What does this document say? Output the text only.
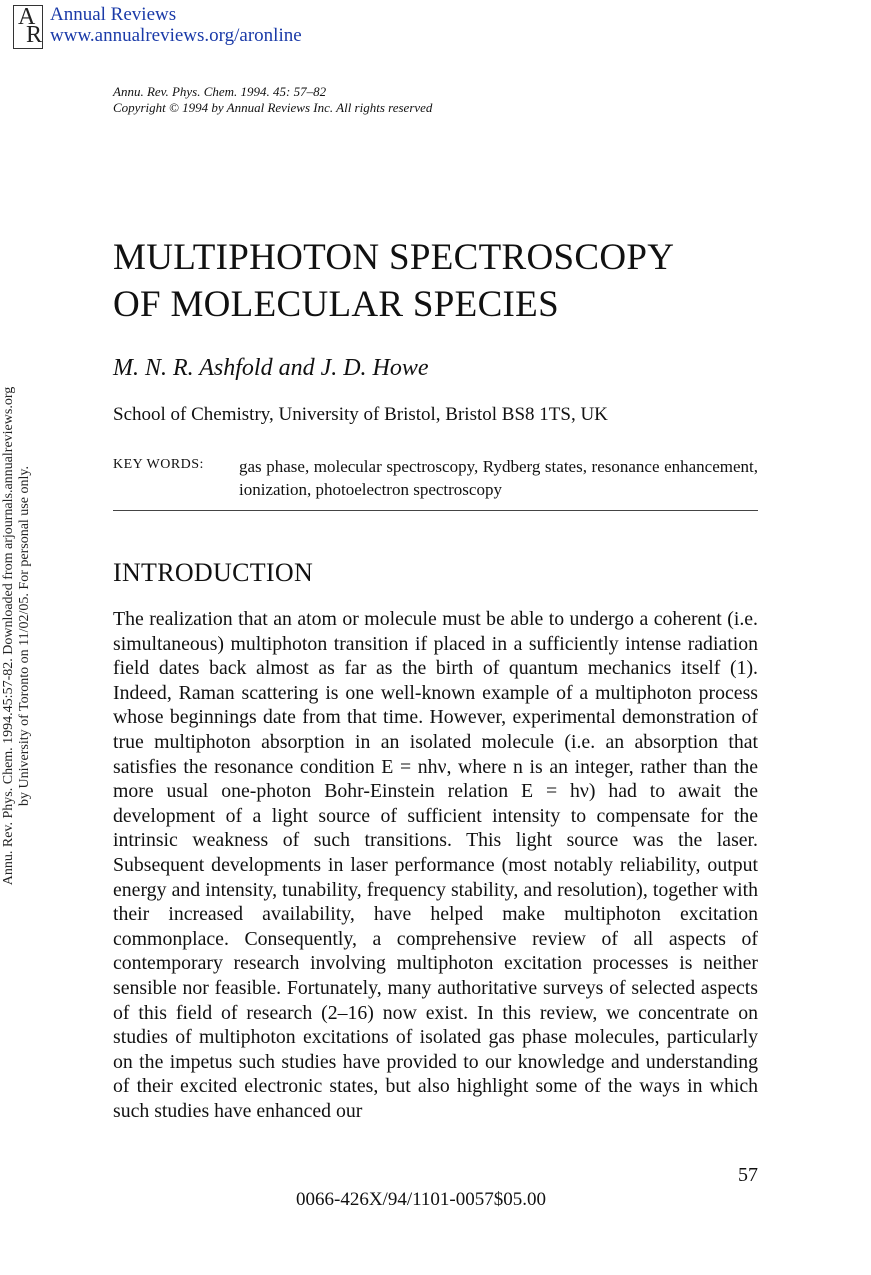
A
R
Annual Reviews
www.annualreviews.org/aronline
Annu. Rev. Phys. Chem. 1994.45:57-82. Downloaded from arjournals.annualreviews.org by University of Toronto on 11/02/05. For personal use only.
Annu. Rev. Phys. Chem. 1994. 45: 57–82
Copyright © 1994 by Annual Reviews Inc. All rights reserved
MULTIPHOTON SPECTROSCOPY
OF MOLECULAR SPECIES
M. N. R. Ashfold and J. D. Howe
School of Chemistry, University of Bristol, Bristol BS8 1TS, UK
KEY WORDS: gas phase, molecular spectroscopy, Rydberg states, resonance enhancement, ionization, photoelectron spectroscopy
INTRODUCTION

The realization that an atom or molecule must be able to undergo a coherent (i.e. simultaneous) multiphoton transition if placed in a sufficiently intense radiation field dates back almost as far as the birth of quantum mechanics itself (1). Indeed, Raman scattering is one well-known example of a multiphoton process whose beginnings date from that time. However, experimental demonstration of true multiphoton absorption in an isolated molecule (i.e. an absorption that satisfies the resonance condition E = nhν, where n is an integer, rather than the more usual one-photon Bohr-Einstein relation E = hν) had to await the development of a light source of sufficient intensity to compensate for the intrinsic weakness of such transitions. This light source was the laser. Subsequent developments in laser performance (most notably reliability, output energy and intensity, tunability, frequency stability, and resolution), together with their increased availability, have helped make multiphoton excitation commonplace. Consequently, a comprehensive review of all aspects of contemporary research involving multiphoton excitation processes is neither sensible nor feasible. Fortunately, many authoritative surveys of selected aspects of this field of research (2–16) now exist. In this review, we concentrate on studies of multiphoton excitations of isolated gas phase molecules, particularly on the impetus such studies have provided to our knowledge and understanding of their excited electronic states, but also highlight some of the ways in which such studies have enhanced our

57
0066-426X/94/1101-0057$05.00
